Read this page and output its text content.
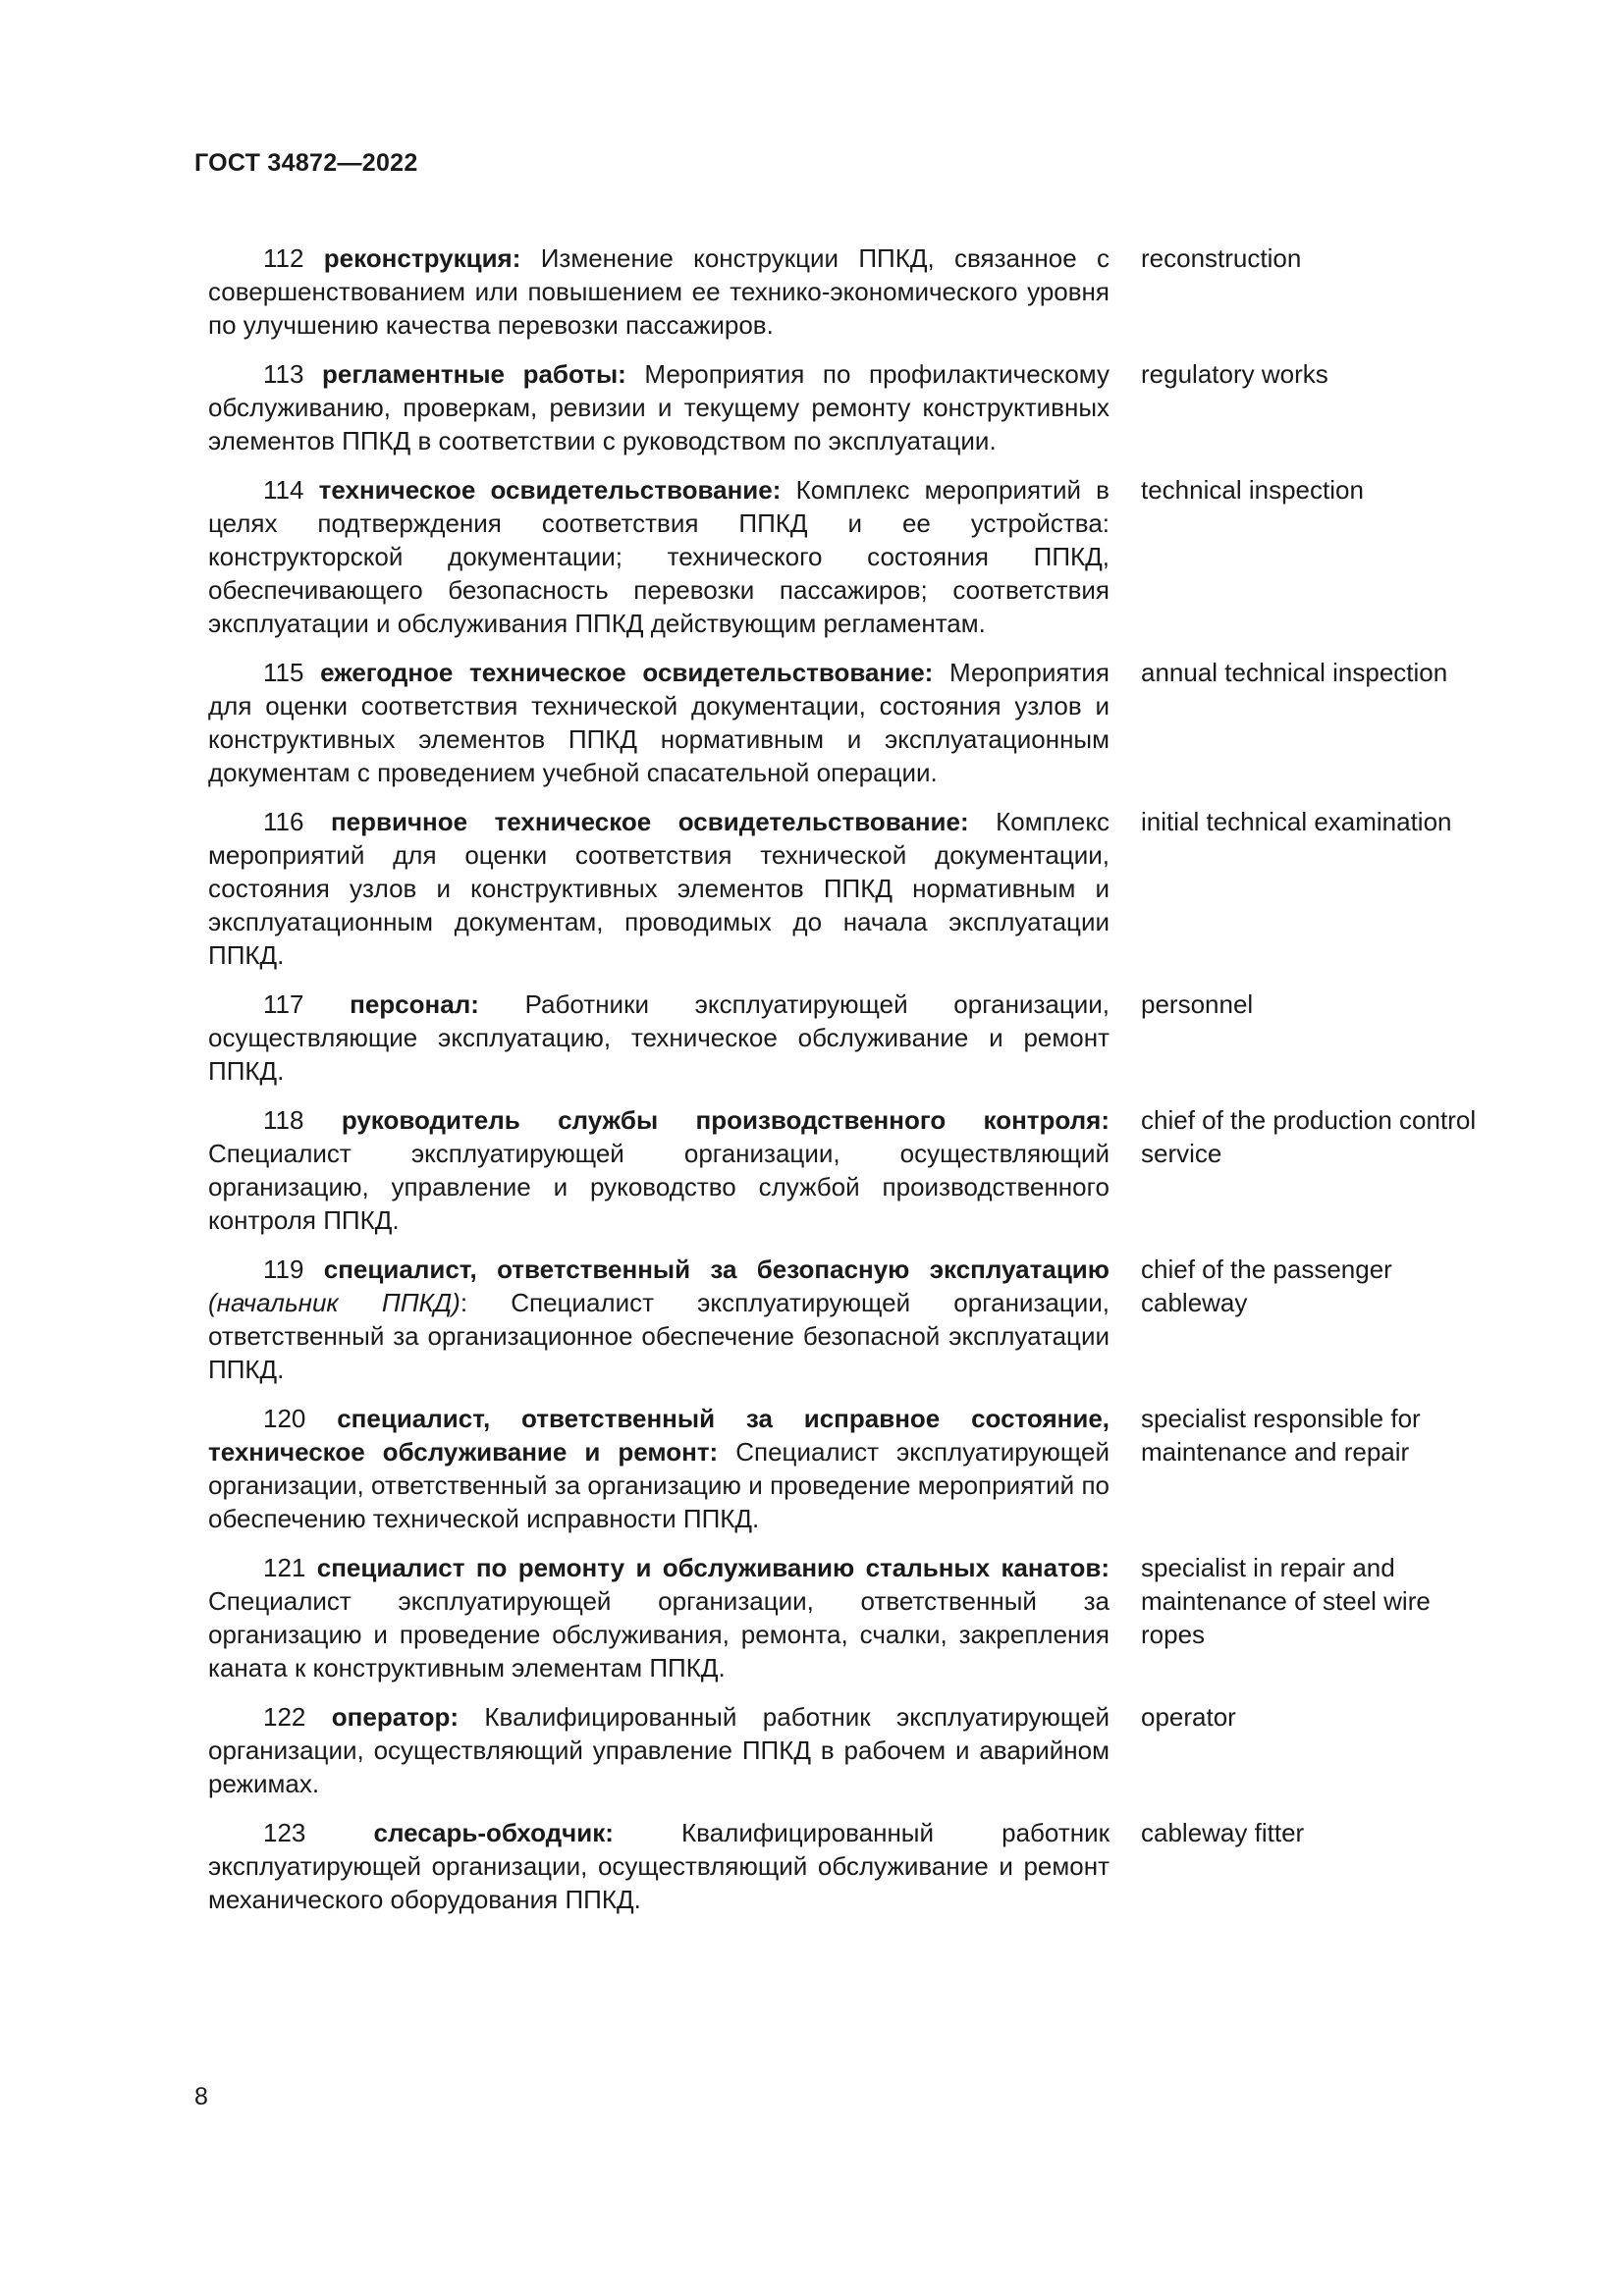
ГОСТ 34872—2022
112 реконструкция: Изменение конструкции ППКД, связанное с совершенствованием или повышением ее технико-экономического уровня по улучшению качества перевозки пассажиров.
reconstruction
113 регламентные работы: Мероприятия по профилактическому обслуживанию, проверкам, ревизии и текущему ремонту конструктивных элементов ППКД в соответствии с руководством по эксплуатации.
regulatory works
114 техническое освидетельствование: Комплекс мероприятий в целях подтверждения соответствия ППКД и ее устройства: конструкторской документации; технического состояния ППКД, обеспечивающего безопасность перевозки пассажиров; соответствия эксплуатации и обслуживания ППКД действующим регламентам.
technical inspection
115 ежегодное техническое освидетельствование: Мероприятия для оценки соответствия технической документации, состояния узлов и конструктивных элементов ППКД нормативным и эксплуатационным документам с проведением учебной спасательной операции.
annual technical inspection
116 первичное техническое освидетельствование: Комплекс мероприятий для оценки соответствия технической документации, состояния узлов и конструктивных элементов ППКД нормативным и эксплуатационным документам, проводимых до начала эксплуатации ППКД.
initial technical examination
117 персонал: Работники эксплуатирующей организации, осуществляющие эксплуатацию, техническое обслуживание и ремонт ППКД.
personnel
118 руководитель службы производственного контроля: Специалист эксплуатирующей организации, осуществляющий организацию, управление и руководство службой производственного контроля ППКД.
chief of the production control service
119 специалист, ответственный за безопасную эксплуатацию (начальник ППКД): Специалист эксплуатирующей организации, ответственный за организационное обеспечение безопасной эксплуатации ППКД.
chief of the passenger cableway
120 специалист, ответственный за исправное состояние, техническое обслуживание и ремонт: Специалист эксплуатирующей организации, ответственный за организацию и проведение мероприятий по обеспечению технической исправности ППКД.
specialist responsible for maintenance and repair
121 специалист по ремонту и обслуживанию стальных канатов: Специалист эксплуатирующей организации, ответственный за организацию и проведение обслуживания, ремонта, счалки, закрепления каната к конструктивным элементам ППКД.
specialist in repair and maintenance of steel wire ropes
122 оператор: Квалифицированный работник эксплуатирующей организации, осуществляющий управление ППКД в рабочем и аварийном режимах.
operator
123	слесарь-обходчик:	Квалифицированный работник эксплуатирующей организации, осуществляющий обслуживание и ремонт механического оборудования ППКД.
cableway fitter
8
